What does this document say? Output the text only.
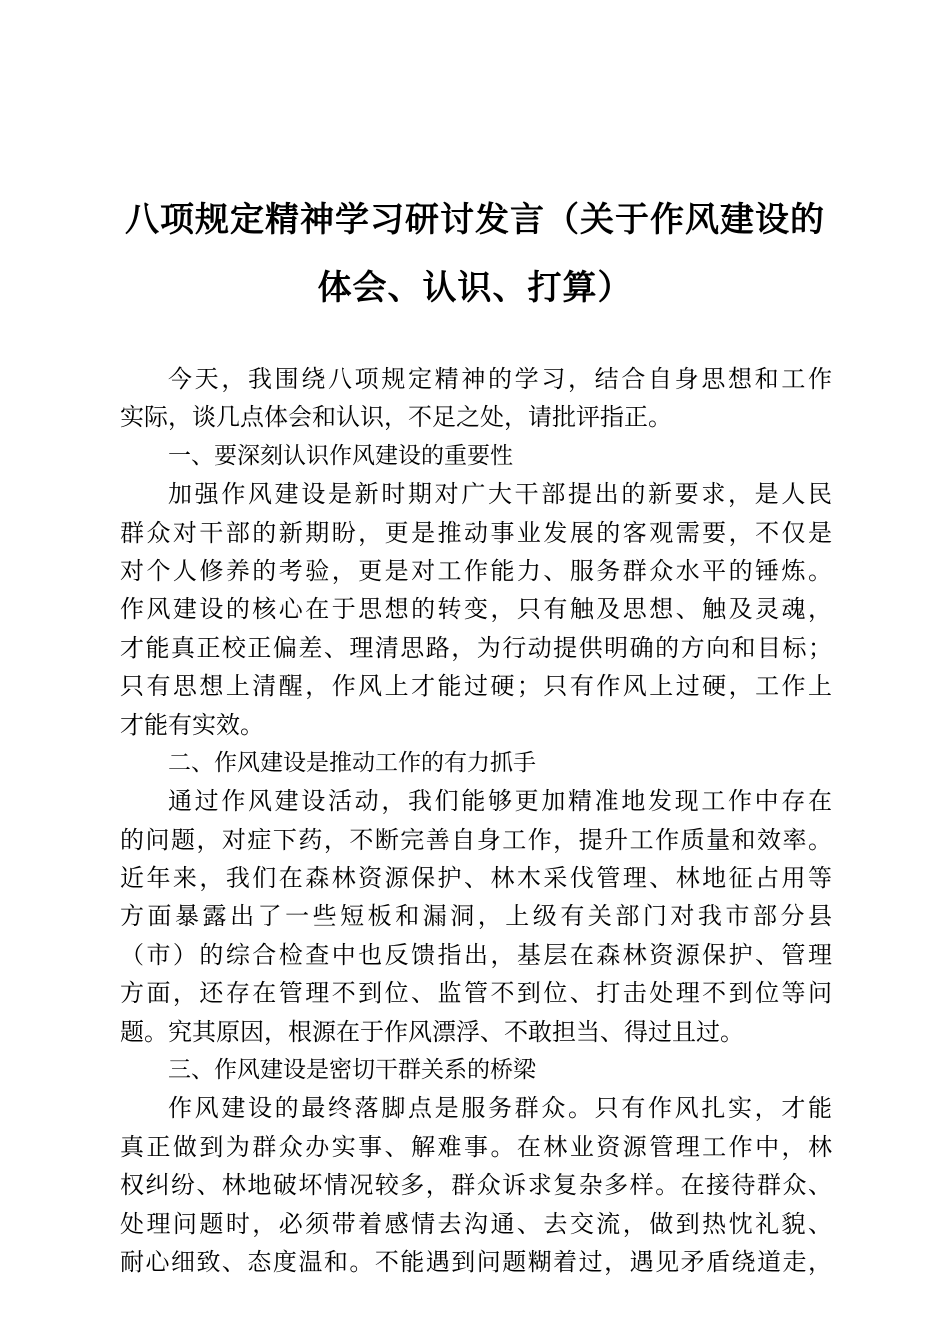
八项规定精神学习研讨发言（关于作风建设的
体会、认识、打算）
今天，我围绕八项规定精神的学习，结合自身思想和工作
实际，谈几点体会和认识，不足之处，请批评指正。
一、要深刻认识作风建设的重要性
加强作风建设是新时期对广大干部提出的新要求，是人民
群众对干部的新期盼，更是推动事业发展的客观需要，不仅是
对个人修养的考验，更是对工作能力、服务群众水平的锤炼。
作风建设的核心在于思想的转变，只有触及思想、触及灵魂，
才能真正校正偏差、理清思路，为行动提供明确的方向和目标；
只有思想上清醒，作风上才能过硬；只有作风上过硬，工作上
才能有实效。
二、作风建设是推动工作的有力抓手
通过作风建设活动，我们能够更加精准地发现工作中存在
的问题，对症下药，不断完善自身工作，提升工作质量和效率。
近年来，我们在森林资源保护、林木采伐管理、林地征占用等
方面暴露出了一些短板和漏洞，上级有关部门对我市部分县
（市）的综合检查中也反馈指出，基层在森林资源保护、管理
方面，还存在管理不到位、监管不到位、打击处理不到位等问
题。究其原因，根源在于作风漂浮、不敢担当、得过且过。
三、作风建设是密切干群关系的桥梁
作风建设的最终落脚点是服务群众。只有作风扎实，才能
真正做到为群众办实事、解难事。在林业资源管理工作中，林
权纠纷、林地破坏情况较多，群众诉求复杂多样。在接待群众、
处理问题时，必须带着感情去沟通、去交流，做到热忱礼貌、
耐心细致、态度温和。不能遇到问题糊着过，遇见矛盾绕道走，
